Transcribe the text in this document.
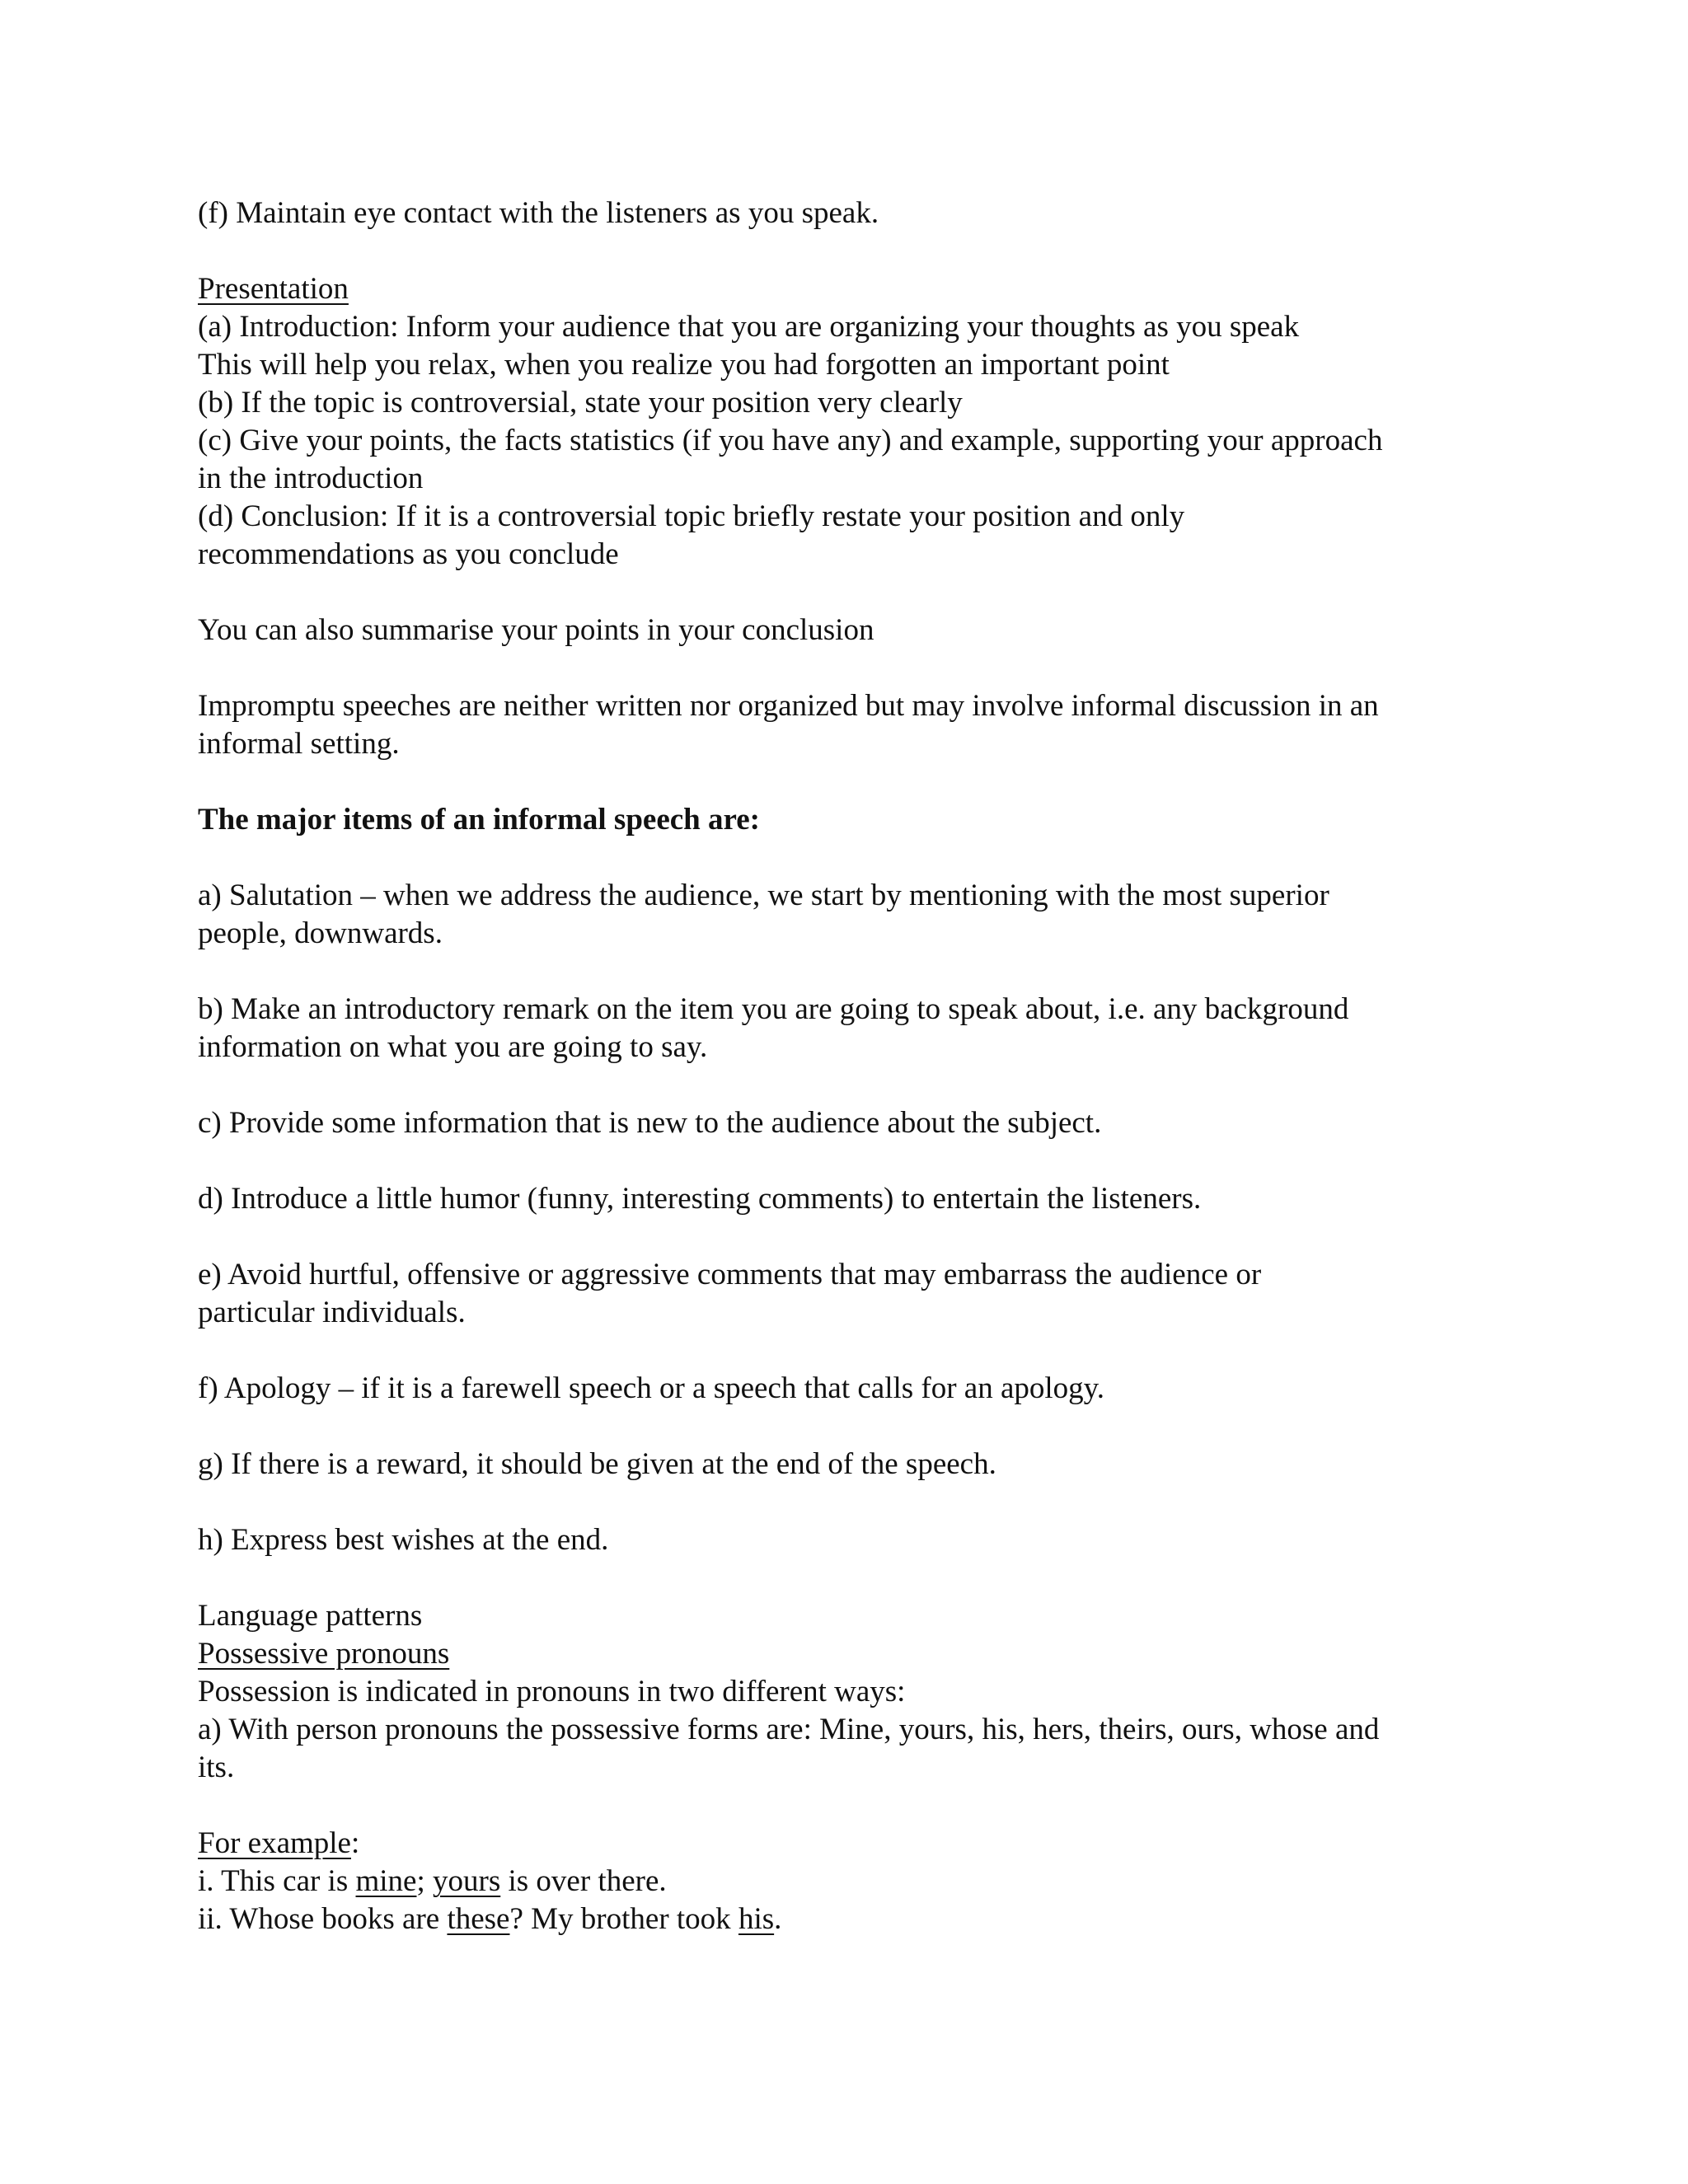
(f) Maintain eye contact with the listeners as you speak.
Presentation
(a) Introduction: Inform your audience that you are organizing your thoughts as you speak
This will help you relax, when you realize you had forgotten an important point
(b) If the topic is controversial, state your position very clearly
(c) Give your points, the facts statistics (if you have any) and example, supporting your approach
in the introduction
(d) Conclusion: If it is a controversial topic briefly restate your position and only
recommendations as you conclude
You can also summarise your points in your conclusion
Impromptu speeches are neither written nor organized but may involve informal discussion in an
informal setting.
The major items of an informal speech are:
a) Salutation – when we address the audience, we start by mentioning with the most superior
people, downwards.
b) Make an introductory remark on the item you are going to speak about, i.e. any background
information on what you are going to say.
c) Provide some information that is new to the audience about the subject.
d) Introduce a little humor (funny, interesting comments) to entertain the listeners.
e) Avoid hurtful, offensive or aggressive comments that may embarrass the audience or
particular individuals.
f) Apology – if it is a farewell speech or a speech that calls for an apology.
g) If there is a reward, it should be given at the end of the speech.
h) Express best wishes at the end.
Language patterns
Possessive pronouns
Possession is indicated in pronouns in two different ways:
a) With person pronouns the possessive forms are: Mine, yours, his, hers, theirs, ours, whose and
its.
For example:
i. This car is mine; yours is over there.
ii. Whose books are these? My brother took his.
